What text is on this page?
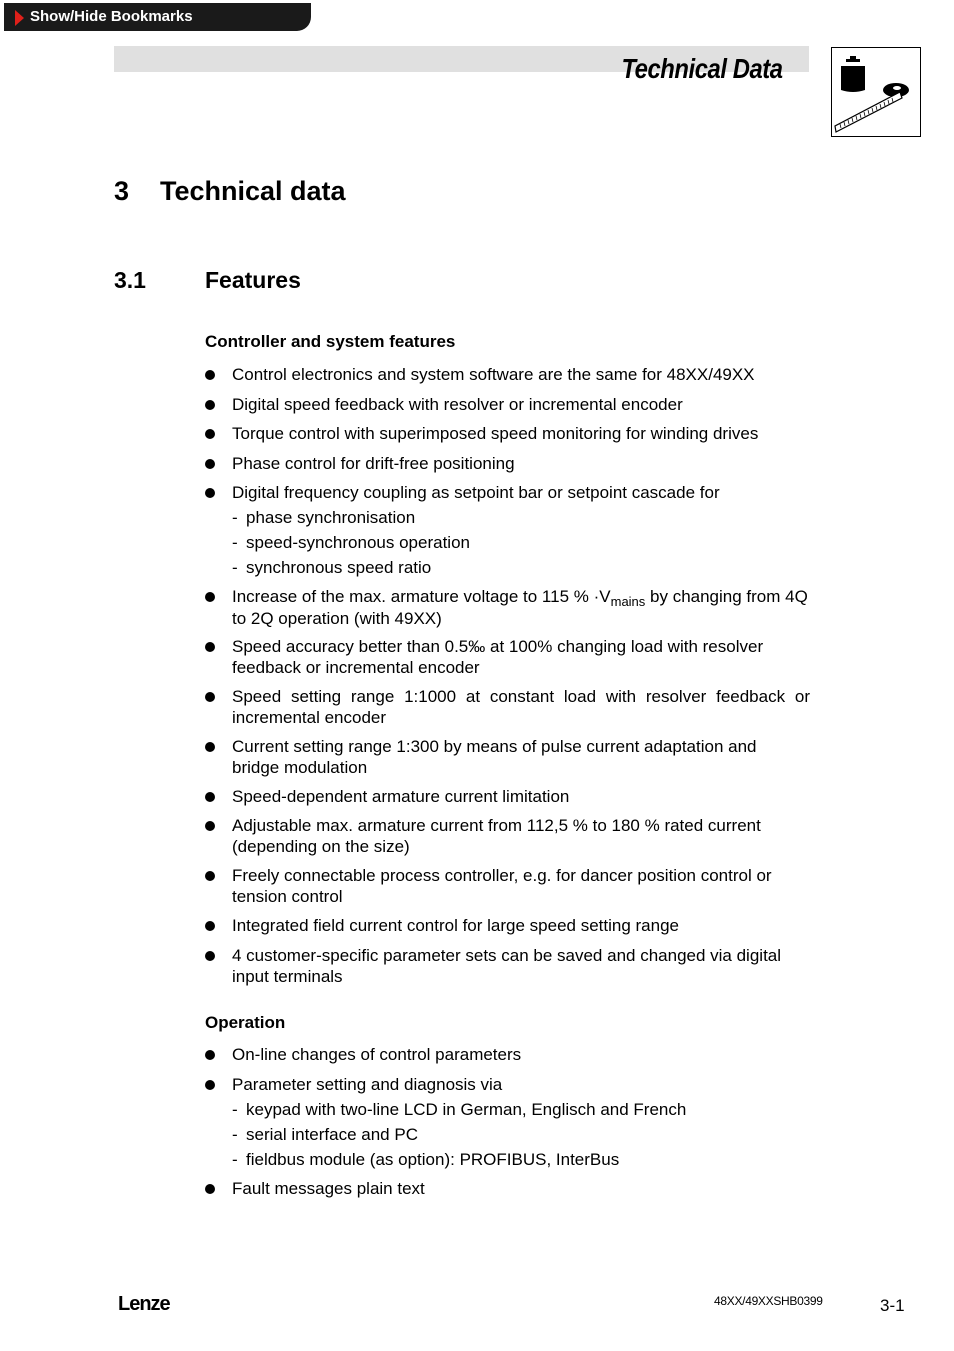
Show/Hide Bookmarks
Technical Data
3 Technical data
3.1	Features
Controller and system features
Control electronics and system software are the same for 48XX/49XX
Digital speed feedback with resolver or incremental encoder
Torque control with superimposed speed monitoring for winding drives
Phase control for drift-free positioning
Digital frequency coupling as setpoint bar or setpoint cascade for
- phase synchronisation
- speed-synchronous operation
- synchronous speed ratio
Increase of the max. armature voltage to 115 % $\cdot V_{mains}$ by changing from 4Q to 2Q operation (with 49XX)
Speed accuracy better than 0.5‰ at 100% changing load with resolver feedback or incremental encoder
Speed setting range 1:1000 at constant load with resolver feedback or incremental encoder
Current setting range 1:300 by means of pulse current adaptation and bridge modulation
Speed-dependent armature current limitation
Adjustable max. armature current from 112,5 % to 180 % rated current (depending on the size)
Freely connectable process controller, e.g. for dancer position control or tension control
Integrated field current control for large speed setting range
4 customer-specific parameter sets can be saved and changed via digital input terminals
Operation
On-line changes of control parameters
Parameter setting and diagnosis via
- keypad with two-line LCD in German, Englisch and French
- serial interface and PC
- fieldbus module (as option): PROFIBUS, InterBus
Fault messages plain text
Lenze	48XX/49XXSHB0399	3-1
